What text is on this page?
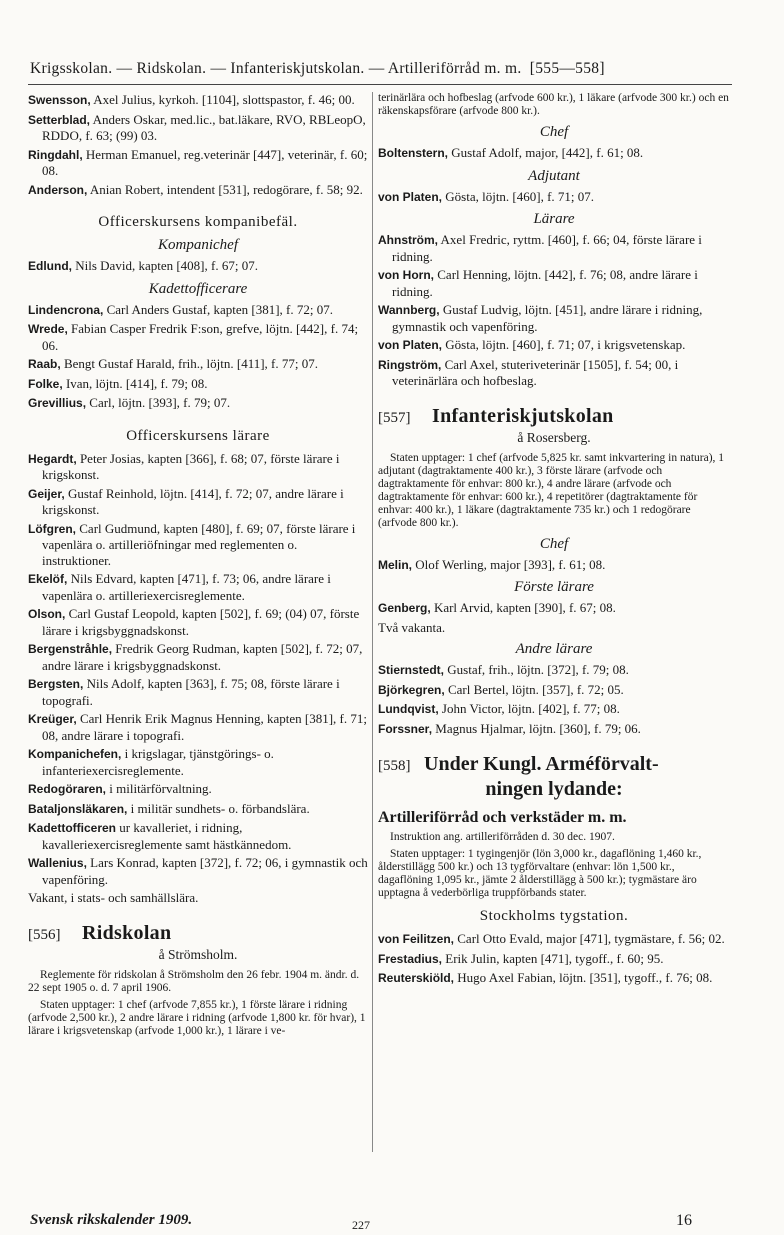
Krigsskolan. — Ridskolan. — Infanteriskjutskolan. — Artilleriförråd m. m. [555—558]
Swensson, Axel Julius, kyrkoh. [1104], slottspastor, f. 46; 00.
Setterblad, Anders Oskar, med.lic., bat.läkare, RVO, RBLeopO, RDDO, f. 63; (99) 03.
Ringdahl, Herman Emanuel, reg.veterinär [447], veterinär, f. 60; 08.
Anderson, Anian Robert, intendent [531], redogörare, f. 58; 92.
Officerskursens kompanibefäl.
Kompanichef
Edlund, Nils David, kapten [408], f. 67; 07.
Kadettofficerare
Lindencrona, Carl Anders Gustaf, kapten [381], f. 72; 07.
Wrede, Fabian Casper Fredrik F:son, grefve, löjtn. [442], f. 74; 06.
Raab, Bengt Gustaf Harald, frih., löjtn. [411], f. 77; 07.
Folke, Ivan, löjtn. [414], f. 79; 08.
Grevillius, Carl, löjtn. [393], f. 79; 07.
Officerskursens lärare
Hegardt, Peter Josias, kapten [366], f. 68; 07, förste lärare i krigskonst.
Geijer, Gustaf Reinhold, löjtn. [414], f. 72; 07, andre lärare i krigskonst.
Löfgren, Carl Gudmund, kapten [480], f. 69; 07, förste lärare i vapenlära o. artilleriöfningar med reglementen o. instruktioner.
Ekelöf, Nils Edvard, kapten [471], f. 73; 06, andre lärare i vapenlära o. artilleriexercisreglemente.
Olson, Carl Gustaf Leopold, kapten [502], f. 69; (04) 07, förste lärare i krigsbyggnadskonst.
Bergenstråhle, Fredrik Georg Rudman, kapten [502], f. 72; 07, andre lärare i krigsbyggnadskonst.
Bergsten, Nils Adolf, kapten [363], f. 75; 08, förste lärare i topografi.
Kreüger, Carl Henrik Erik Magnus Henning, kapten [381], f. 71; 08, andre lärare i topografi.
Kompanichefen, i krigslagar, tjänstgörings- o. infanteriexercisreglemente.
Redogöraren, i militärförvaltning.
Bataljonsläkaren, i militär sundhets- o. förbandslära.
Kadettofficeren ur kavalleriet, i ridning, kavalleriexercisreglemente samt hästkännedom.
Wallenius, Lars Konrad, kapten [372], f. 72; 06, i gymnastik och vapenföring.
Vakant, i stats- och samhällslära.
[556]	Ridskolan
å Strömsholm.
Reglemente för ridskolan å Strömsholm den 26 febr. 1904 m. ändr. d. 22 sept 1905 o. d. 7 april 1906.
Staten upptager: 1 chef (arfvode 7,855 kr.), 1 förste lärare i ridning (arfvode 2,500 kr.), 2 andre lärare i ridning (arfvode 1,800 kr. för hvar), 1 lärare i krigsvetenskap (arfvode 1,000 kr.), 1 lärare i ve-
terinärlära och hofbeslag (arfvode 600 kr.), 1 läkare (arfvode 300 kr.) och en räkenskapsförare (arfvode 800 kr.).
Chef
Boltenstern, Gustaf Adolf, major, [442], f. 61; 08.
Adjutant
von Platen, Gösta, löjtn. [460], f. 71; 07.
Lärare
Ahnström, Axel Fredric, ryttm. [460], f. 66; 04, förste lärare i ridning.
von Horn, Carl Henning, löjtn. [442], f. 76; 08, andre lärare i ridning.
Wannberg, Gustaf Ludvig, löjtn. [451], andre lärare i ridning, gymnastik och vapenföring.
von Platen, Gösta, löjtn. [460], f. 71; 07, i krigsvetenskap.
Ringström, Carl Axel, stuteriveterinär [1505], f. 54; 00, i veterinärlära och hofbeslag.
[557]	Infanteriskjutskolan
å Rosersberg.
Staten upptager: 1 chef (arfvode 5,825 kr. samt inkvartering in natura), 1 adjutant (dagtraktamente 400 kr.), 3 förste lärare (arfvode och dagtraktamente för enhvar: 800 kr.), 4 andre lärare (arfvode och dagtraktamente för enhvar: 600 kr.), 4 repetitörer (dagtraktamente för enhvar: 400 kr.), 1 läkare (dagtraktamente 735 kr.) och 1 redogörare (arfvode 800 kr.).
Chef
Melin, Olof Werling, major [393], f. 61; 08.
Förste lärare
Genberg, Karl Arvid, kapten [390], f. 67; 08.
Två vakanta.
Andre lärare
Stiernstedt, Gustaf, frih., löjtn. [372], f. 79; 08.
Björkegren, Carl Bertel, löjtn. [357], f. 72; 05.
Lundqvist, John Victor, löjtn. [402], f. 77; 08.
Forssner, Magnus Hjalmar, löjtn. [360], f. 79; 06.
[558] Under Kungl. Arméförvalt-
ningen lydande:
Artilleriförråd och verkstäder m. m.
Instruktion ang. artilleriförråden d. 30 dec. 1907.
Staten upptager: 1 tygingenjör (lön 3,000 kr., dagaflöning 1,460 kr., ålderstillägg 500 kr.) och 13 tygförvaltare (enhvar: lön 1,500 kr., dagaflöning 1,095 kr., jämte 2 ålderstillägg à 500 kr.); tygmästare äro upptagna å vederbörliga truppförbands stater.
Stockholms tygstation.
von Feilitzen, Carl Otto Evald, major [471], tygmästare, f. 56; 02.
Frestadius, Erik Julin, kapten [471], tygoff., f. 60; 95.
Reuterskiöld, Hugo Axel Fabian, löjtn. [351], tygoff., f. 76; 08.
Svensk rikskalender 1909.	227	16
